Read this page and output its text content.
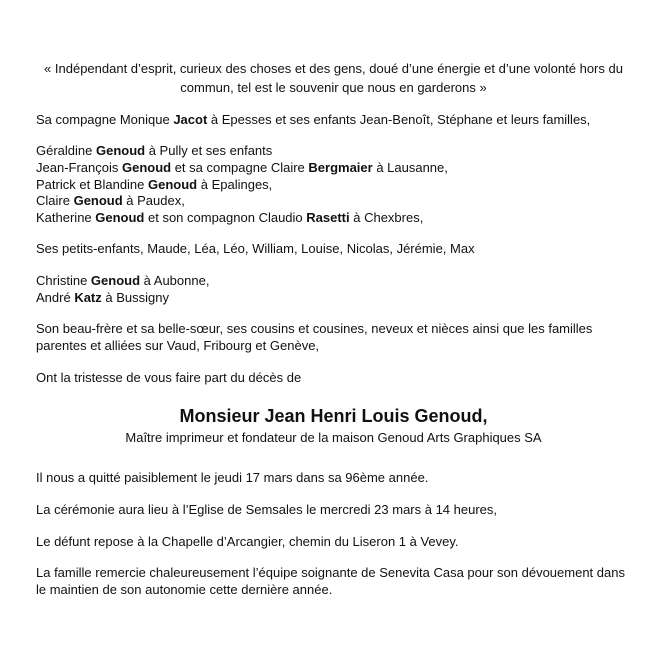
« Indépendant d’esprit, curieux des choses et des gens, doué d’une énergie et d’une volonté hors du commun, tel est le souvenir que nous en garderons »

Sa compagne Monique Jacot à Epesses et ses enfants Jean-Benoît, Stéphane et leurs familles,

Géraldine Genoud à Pully et ses enfants
Jean-François Genoud et sa compagne Claire Bergmaier à Lausanne,
Patrick et Blandine Genoud à Epalinges,
Claire Genoud à Paudex,
Katherine Genoud et son compagnon Claudio Rasetti à Chexbres,

Ses petits-enfants, Maude, Léa, Léo, William, Louise, Nicolas, Jérémie, Max

Christine Genoud à Aubonne,
André Katz à Bussigny

Son beau-frère et sa belle-sœur, ses cousins et cousines, neveux et nièces ainsi que les familles parentes et alliées sur Vaud, Fribourg et Genève,

Ont la tristesse de vous faire part du décès de

Monsieur Jean Henri Louis Genoud,
Maître imprimeur et fondateur de la maison Genoud Arts Graphiques SA

Il nous a quitté paisiblement le jeudi 17 mars dans sa 96ème année.

La cérémonie aura lieu à l’Eglise de Semsales le mercredi 23 mars à 14 heures,

Le défunt repose à la Chapelle d’Arcangier, chemin du Liseron 1 à Vevey.

La famille remercie chaleureusement l’équipe soignante de Senevita Casa pour son dévouement dans le maintien de son autonomie cette dernière année.
